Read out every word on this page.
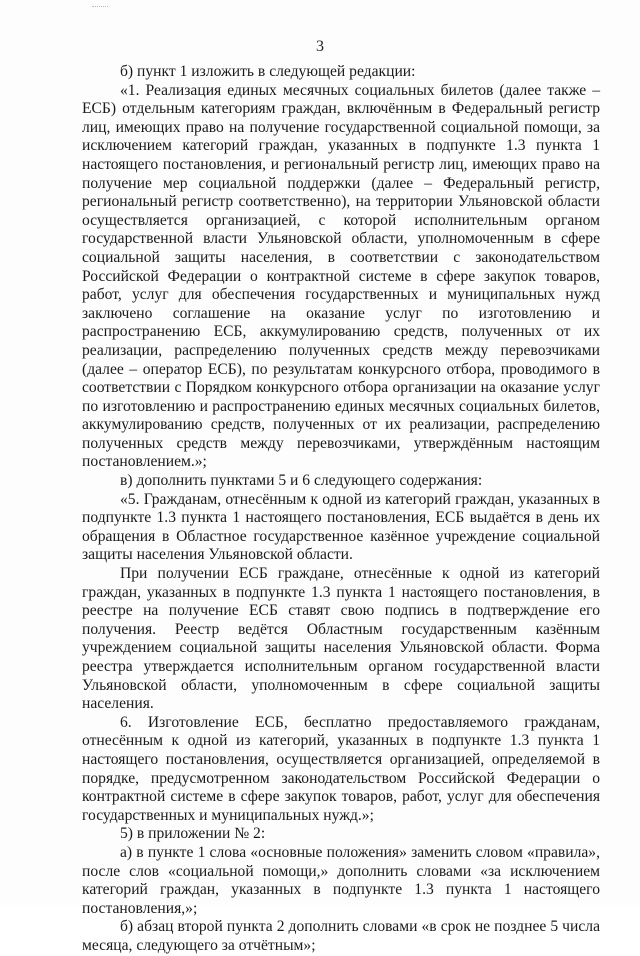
3

б) пункт 1 изложить в следующей редакции:

«1. Реализация единых месячных социальных билетов (далее также – ЕСБ) отдельным категориям граждан, включённым в Федеральный регистр лиц, имеющих право на получение государственной социальной помощи, за исключением категорий граждан, указанных в подпункте 1.3 пункта 1 настоящего постановления, и региональный регистр лиц, имеющих право на получение мер социальной поддержки (далее – Федеральный регистр, региональный регистр соответственно), на территории Ульяновской области осуществляется организацией, с которой исполнительным органом государственной власти Ульяновской области, уполномоченным в сфере социальной защиты населения, в соответствии с законодательством Российской Федерации о контрактной системе в сфере закупок товаров, работ, услуг для обеспечения государственных и муниципальных нужд заключено соглашение на оказание услуг по изготовлению и распространению ЕСБ, аккумулированию средств, полученных от их реализации, распределению полученных средств между перевозчиками (далее – оператор ЕСБ), по результатам конкурсного отбора, проводимого в соответствии с Порядком конкурсного отбора организации на оказание услуг по изготовлению и распространению единых месячных социальных билетов, аккумулированию средств, полученных от их реализации, распределению полученных средств между перевозчиками, утверждённым настоящим постановлением.»;

в) дополнить пунктами 5 и 6 следующего содержания:

«5. Гражданам, отнесённым к одной из категорий граждан, указанных в подпункте 1.3 пункта 1 настоящего постановления, ЕСБ выдаётся в день их обращения в Областное государственное казённое учреждение социальной защиты населения Ульяновской области.

При получении ЕСБ граждане, отнесённые к одной из категорий граждан, указанных в подпункте 1.3 пункта 1 настоящего постановления, в реестре на получение ЕСБ ставят свою подпись в подтверждение его получения. Реестр ведётся Областным государственным казённым учреждением социальной защиты населения Ульяновской области. Форма реестра утверждается исполнительным органом государственной власти Ульяновской области, уполномоченным в сфере социальной защиты населения.

6. Изготовление ЕСБ, бесплатно предоставляемого гражданам, отнесённым к одной из категорий, указанных в подпункте 1.3 пункта 1 настоящего постановления, осуществляется организацией, определяемой в порядке, предусмотренном законодательством Российской Федерации о контрактной системе в сфере закупок товаров, работ, услуг для обеспечения государственных и муниципальных нужд.»;

5) в приложении № 2:

а) в пункте 1 слова «основные положения» заменить словом «правила», после слов «социальной помощи,» дополнить словами «за исключением категорий граждан, указанных в подпункте 1.3 пункта 1 настоящего постановления,»;

б) абзац второй пункта 2 дополнить словами «в срок не позднее 5 числа месяца, следующего за отчётным»;
